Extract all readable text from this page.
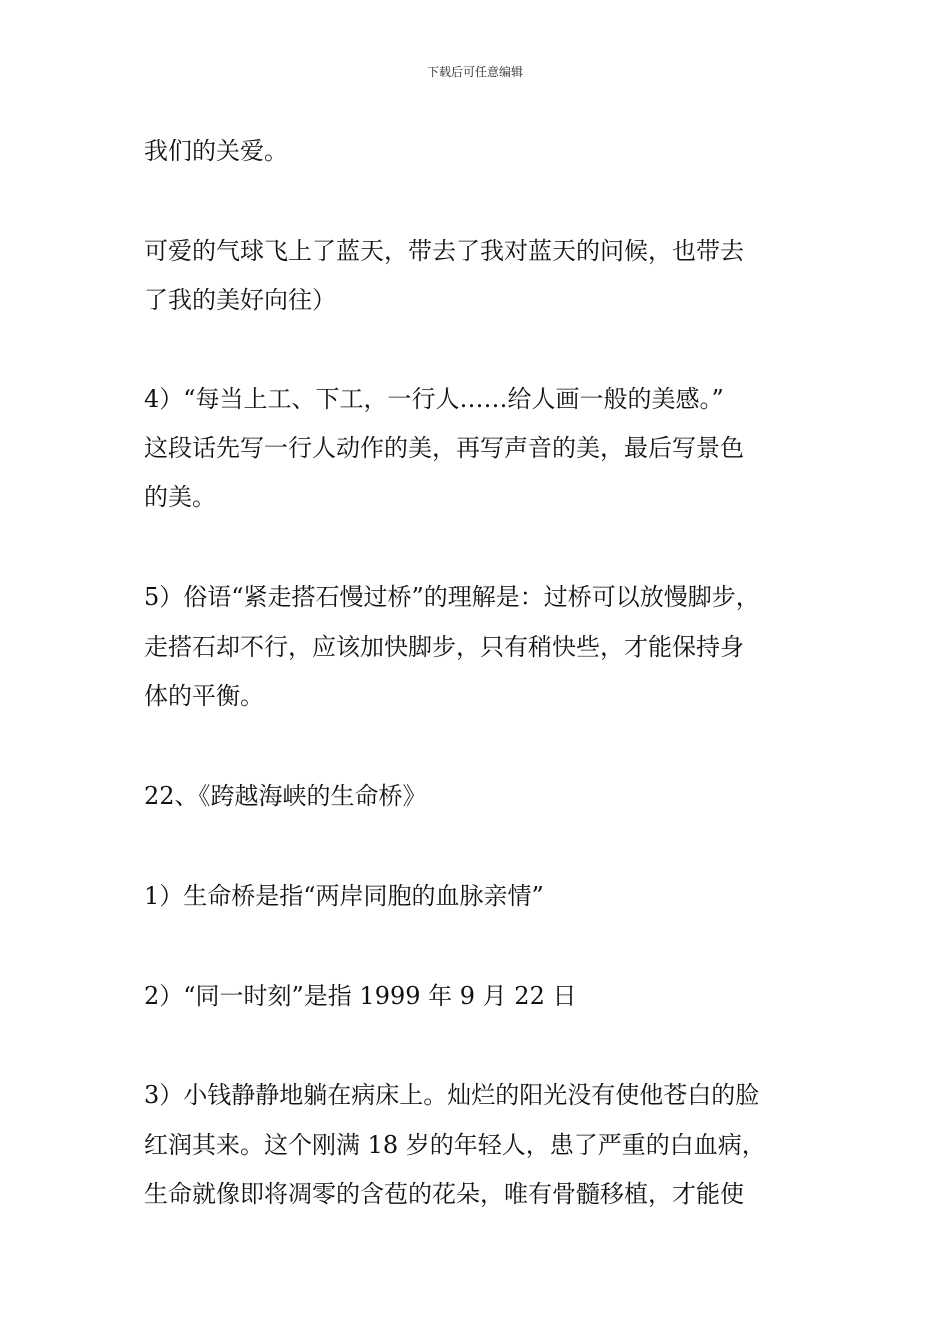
下载后可任意编辑
我们的关爱。
可爱的气球飞上了蓝天，带去了我对蓝天的问候，也带去
了我的美好向往）
4）“每当上工、下工，一行人……给人画一般的美感。”
这段话先写一行人动作的美，再写声音的美，最后写景色
的美。
5）俗语“紧走搭石慢过桥”的理解是：过桥可以放慢脚步，
走搭石却不行，应该加快脚步，只有稍快些，才能保持身
体的平衡。
22、《跨越海峡的生命桥》
1）生命桥是指“两岸同胞的血脉亲情”
2）“同一时刻”是指 1999 年 9 月 22 日
3）小钱静静地躺在病床上。灿烂的阳光没有使他苍白的脸
红润其来。这个刚满 18 岁的年轻人，患了严重的白血病，
生命就像即将凋零的含苞的花朵，唯有骨髓移植，才能使
